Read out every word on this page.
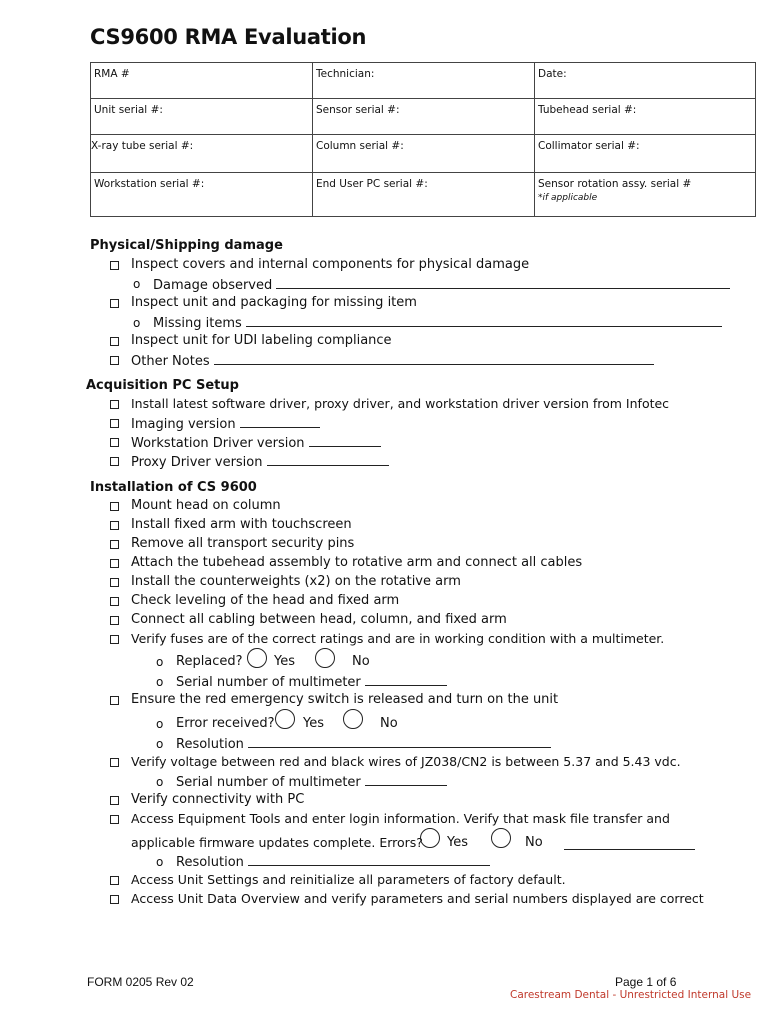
CS9600 RMA Evaluation
RMA #	Technician:	Date:
Unit serial #:	Sensor serial #:	Tubehead serial #:
X-ray tube serial #:	Column serial #:	Collimator serial #:
Workstation serial #:	End User PC serial #:	Sensor rotation assy. serial #
*if applicable
Physical/Shipping damage
Inspect covers and internal components for physical damage
o Damage observed
Inspect unit and packaging for missing item
o Missing items
Inspect unit for UDI labeling compliance
Other Notes
Acquisition PC Setup
Install latest software driver, proxy driver, and workstation driver version from Infotec
Imaging version
Workstation Driver version
Proxy Driver version
Installation of CS 9600
Mount head on column
Install fixed arm with touchscreen
Remove all transport security pins
Attach the tubehead assembly to rotative arm and connect all cables
Install the counterweights (x2) on the rotative arm
Check leveling of the head and fixed arm
Connect all cabling between head, column, and fixed arm
Verify fuses are of the correct ratings and are in working condition with a multimeter.
o Replaced? Yes	No
o Serial number of multimeter
Ensure the red emergency switch is released and turn on the unit
o Error received? Yes	No
o Resolution
Verify voltage between red and black wires of JZ038/CN2 is between 5.37 and 5.43 vdc.
o Serial number of multimeter
Verify connectivity with PC
Access Equipment Tools and enter login information. Verify that mask file transfer and
applicable firmware updates complete. Errors? Yes	No
o Resolution
Access Unit Settings and reinitialize all parameters of factory default.
Access Unit Data Overview and verify parameters and serial numbers displayed are correct
FORM 0205 Rev 02	Page 1 of 6
Carestream Dental - Unrestricted Internal Use
